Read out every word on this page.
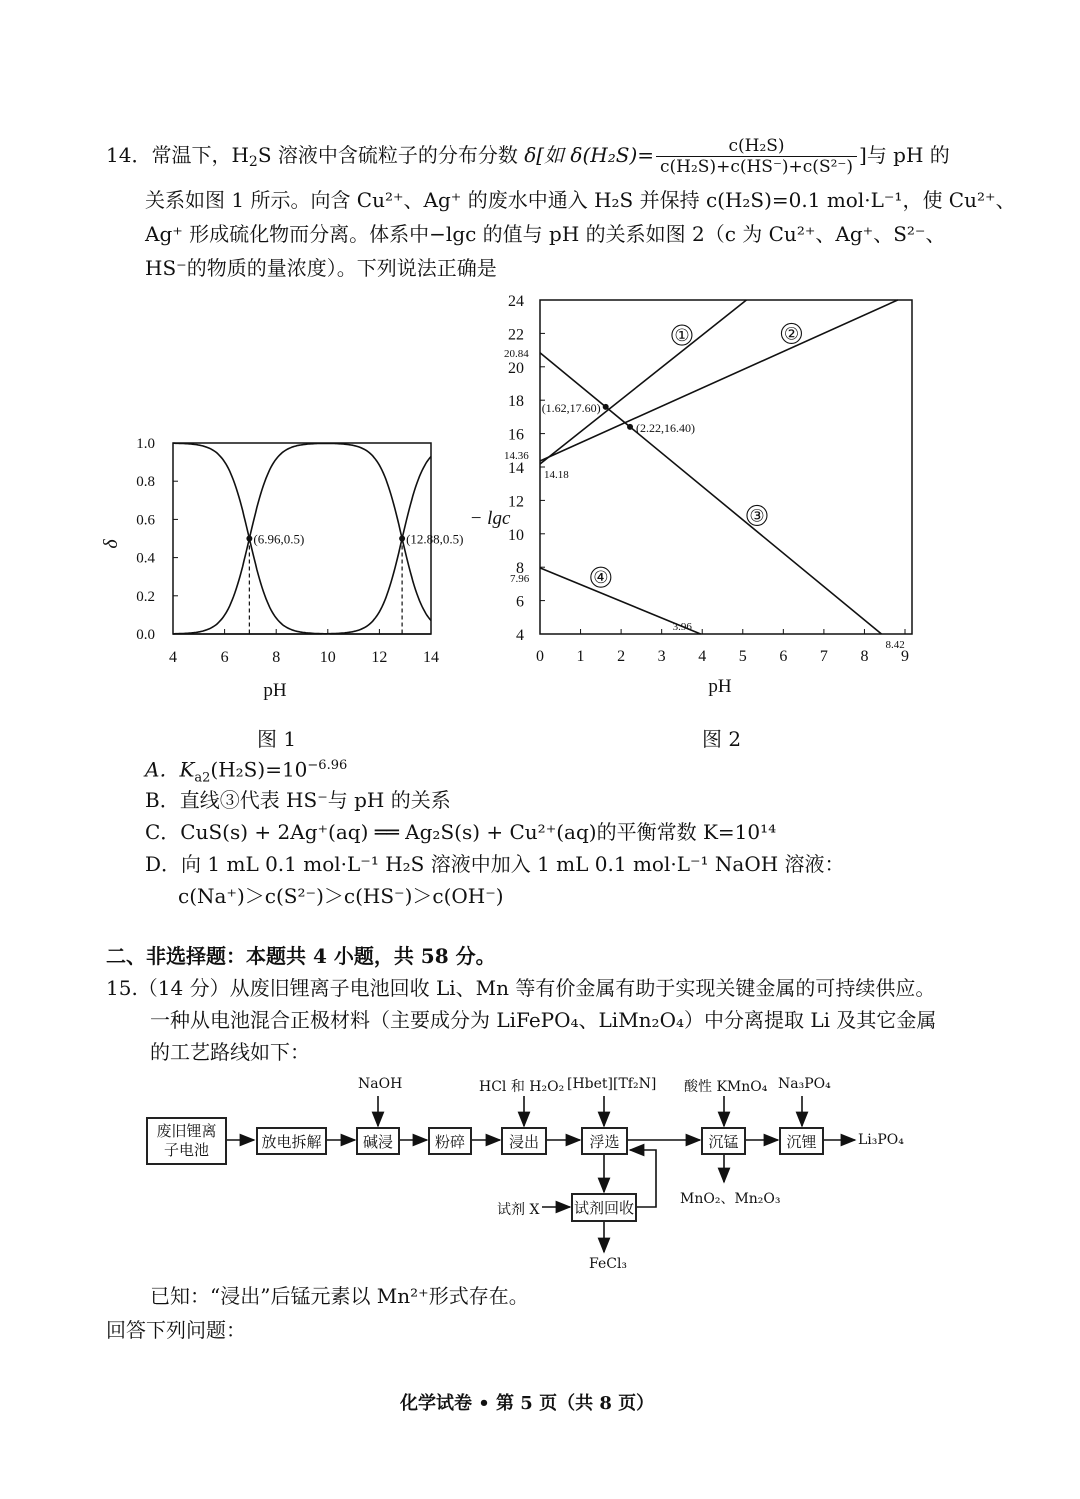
14．常温下，$H_2S$ 溶液中含硫粒子的分布分数 δ[如 $\delta(H_2S)= \frac{\text{c(H₂S)}}{\text{c(H₂S)+c(HS⁻)+c(S²⁻)}}$ ]与 pH 的
关系如图 1 所示。向含 Cu²⁺、Ag⁺ 的废水中通入 H₂S 并保持 c(H₂S)=0.1 mol·L⁻¹，使 Cu²⁺、
Ag⁺ 形成硫化物而分离。体系中−lgc 的值与 pH 的关系如图 2（c 为 Cu²⁺、Ag⁺、S²⁻、
HS⁻的物质的量浓度）。下列说法正确是
4	6	8 10 12 14
0.0
0.2
0.4
0.6
0.8
1.0
(6.96,0.5)	(12.88,0.5)
pH
δ
0 1 2 3 4 5 6 7 8 9
4
6
8
10
12
14
16
18
20
22
24
①	②
③
④
(1.62,17.60)
(2.22,16.40)
20.84
14.36
14.18
7.96
3.96
8.42
pH
− lgc
图 1	图 2
A．$K_{a2}(H_2S)=10^{-6.96}$
B．直线③代表 HS⁻与 pH 的关系
C．CuS(s) + 2Ag⁺(aq) ══ Ag₂S(s) + Cu²⁺(aq)的平衡常数 K=10¹⁴
D．向 1 mL 0.1 mol·L⁻¹ H₂S 溶液中加入 1 mL 0.1 mol·L⁻¹ NaOH 溶液：
c(Na⁺)＞c(S²⁻)＞c(HS⁻)＞c(OH⁻)
二、非选择题：本题共 4 小题，共 58 分。
15.（14 分）从废旧锂离子电池回收 Li、Mn 等有价金属有助于实现关键金属的可持续供应。
一种从电池混合正极材料（主要成分为 LiFePO₄、LiMn₂O₄）中分离提取 Li 及其它金属
的工艺路线如下：
废旧锂离
子电池	放电拆解	碱浸	粉碎	浸出	浮选	沉锰	沉锂
试剂回收
NaOH	HCl 和 H₂O₂ [Hbet][Tf₂N] 酸性 KMnO₄ Na₃PO₄
Li₃PO₄
MnO₂、Mn₂O₃
试剂 X
FeCl₃
已知：“浸出”后锰元素以 Mn²⁺形式存在。
回答下列问题：
化学试卷 • 第 5 页（共 8 页）
